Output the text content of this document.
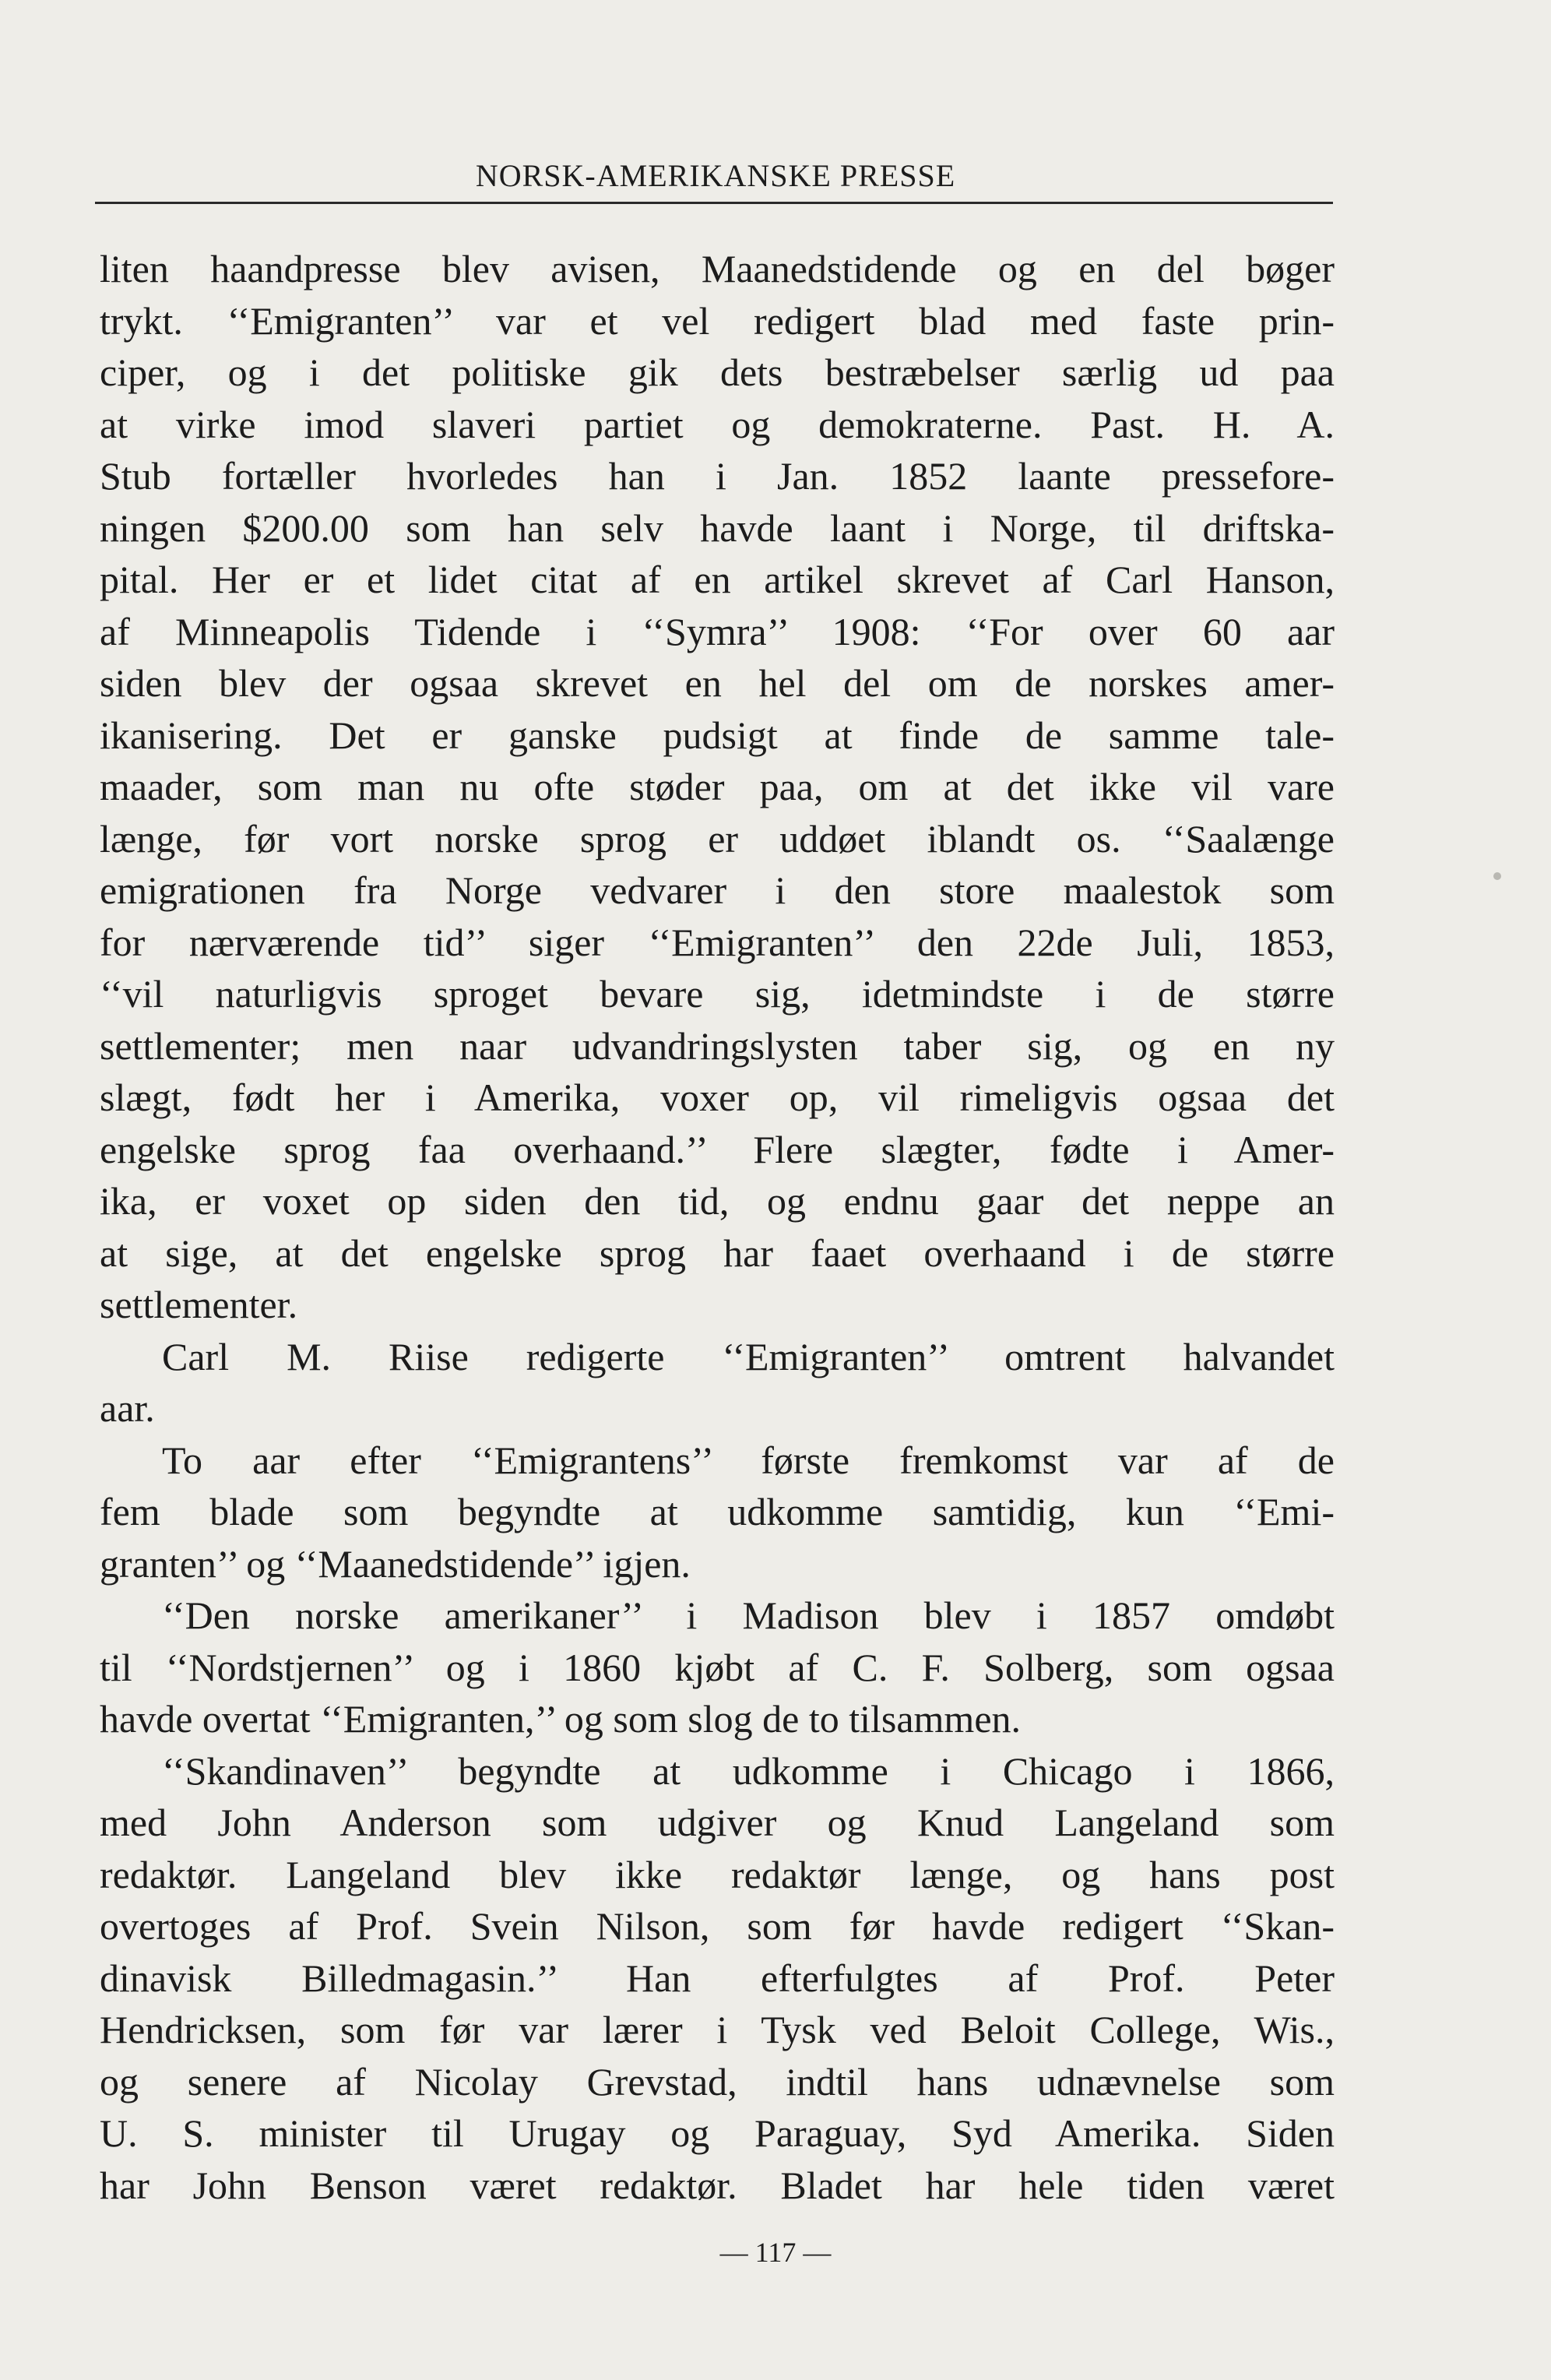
NORSK-AMERIKANSKE PRESSE
liten haandpresse blev avisen, Maanedstidende og en del bøger
trykt. ‘‘Emigranten’’ var et vel redigert blad med faste prin-
ciper, og i det politiske gik dets bestræbelser særlig ud paa
at virke imod slaveri partiet og demokraterne. Past. H. A.
Stub fortæller hvorledes han i Jan. 1852 laante pressefore-
ningen $200.00 som han selv havde laant i Norge, til driftska-
pital. Her er et lidet citat af en artikel skrevet af Carl Hanson,
af Minneapolis Tidende i ‘‘Symra’’ 1908: ‘‘For over 60 aar
siden blev der ogsaa skrevet en hel del om de norskes amer-
ikanisering. Det er ganske pudsigt at finde de samme tale-
maader, som man nu ofte støder paa, om at det ikke vil vare
længe, før vort norske sprog er uddøet iblandt os. ‘‘Saalænge
emigrationen fra Norge vedvarer i den store maalestok som
for nærværende tid’’ siger ‘‘Emigranten’’ den 22de Juli, 1853,
‘‘vil naturligvis sproget bevare sig, idetmindste i de større
settlementer; men naar udvandringslysten taber sig, og en ny
slægt, født her i Amerika, voxer op, vil rimeligvis ogsaa det
engelske sprog faa overhaand.’’ Flere slægter, fødte i Amer-
ika, er voxet op siden den tid, og endnu gaar det neppe an
at sige, at det engelske sprog har faaet overhaand i de større
settlementer.
Carl M. Riise redigerte ‘‘Emigranten’’ omtrent halvandet
aar.
To aar efter ‘‘Emigrantens’’ første fremkomst var af de
fem blade som begyndte at udkomme samtidig, kun ‘‘Emi-
granten’’ og ‘‘Maanedstidende’’ igjen.
‘‘Den norske amerikaner’’ i Madison blev i 1857 omdøbt
til ‘‘Nordstjernen’’ og i 1860 kjøbt af C. F. Solberg, som ogsaa
havde overtat ‘‘Emigranten,’’ og som slog de to tilsammen.
‘‘Skandinaven’’ begyndte at udkomme i Chicago i 1866,
med John Anderson som udgiver og Knud Langeland som
redaktør. Langeland blev ikke redaktør længe, og hans post
overtoges af Prof. Svein Nilson, som før havde redigert ‘‘Skan-
dinavisk Billedmagasin.’’ Han efterfulgtes af Prof. Peter
Hendricksen, som før var lærer i Tysk ved Beloit College, Wis.,
og senere af Nicolay Grevstad, indtil hans udnævnelse som
U. S. minister til Urugay og Paraguay, Syd Amerika. Siden
har John Benson været redaktør. Bladet har hele tiden været
— 117 —
